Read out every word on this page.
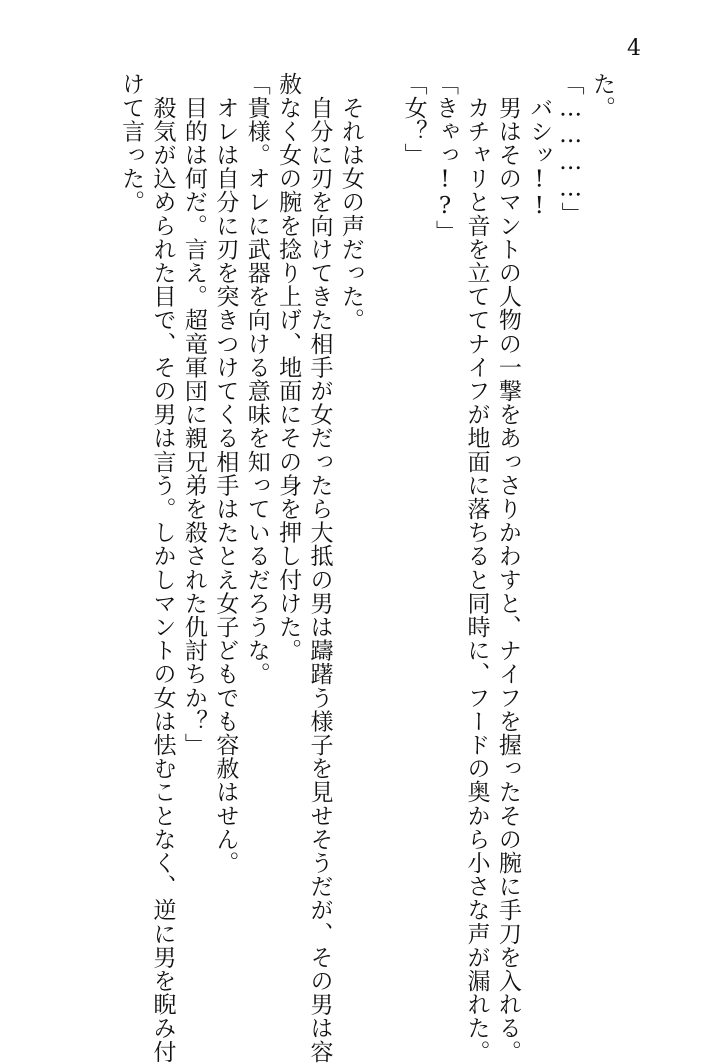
4
た。
「…………」
　バシッ!!
　男はそのマントの人物の一撃をあっさりかわすと、ナイフを握ったその腕に手刀を入れる。
　カチャリと音を立ててナイフが地面に落ちると同時に、フードの奥から小さな声が漏れた。
「きゃっ!?」
「女？」
　それは女の声だった。
　自分に刃を向けてきた相手が女だったら大抵の男は躊躇う様子を見せそうだが、その男は容
赦なく女の腕を捻り上げ、地面にその身を押し付けた。
「貴様。オレに武器を向ける意味を知っているだろうな。
　オレは自分に刃を突きつけてくる相手はたとえ女子どもでも容赦はせん。
　目的は何だ。言え。超竜軍団に親兄弟を殺された仇討ちか？」
　殺気が込められた目で、その男は言う。しかしマントの女は怯むことなく、逆に男を睨み付
けて言った。
